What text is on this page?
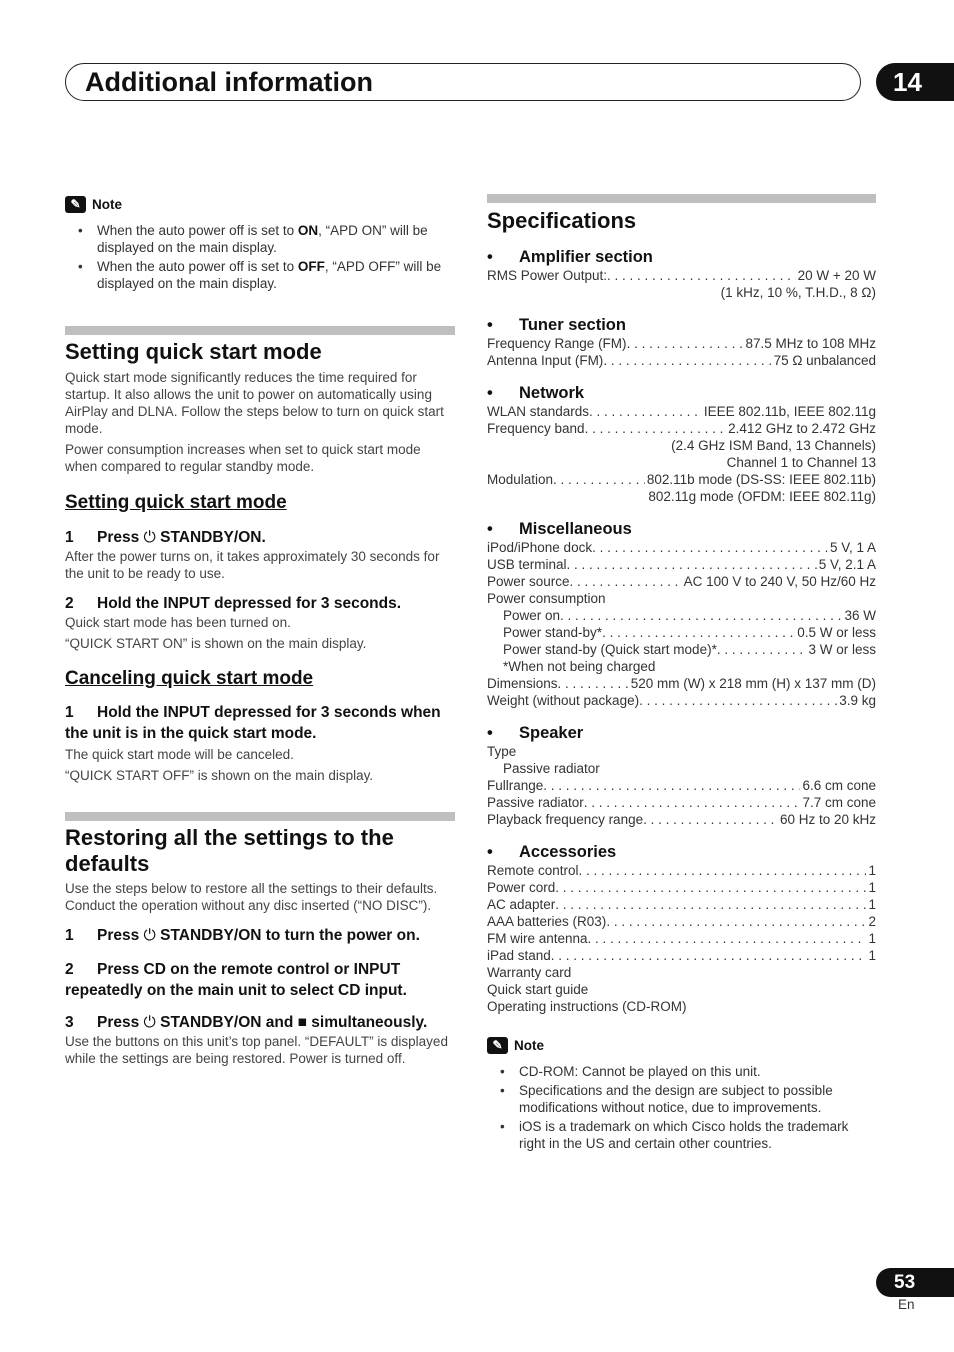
Additional information	14
✎ Note
• When the auto power off is set to ON, “APD ON” will be displayed on the main display.
• When the auto power off is set to OFF, “APD OFF” will be displayed on the main display.
Setting quick start mode

Quick start mode significantly reduces the time required for startup. It also allows the unit to power on automatically using AirPlay and DLNA. Follow the steps below to turn on quick start mode.

Power consumption increases when set to quick start mode when compared to regular standby mode.

Setting quick start mode
1 Press ⏻ STANDBY/ON.

After the power turns on, it takes approximately 30 seconds for the unit to be ready to use.

2 Hold the INPUT depressed for 3 seconds.

Quick start mode has been turned on.

“QUICK START ON” is shown on the main display.

Canceling quick start mode
1 Hold the INPUT depressed for 3 seconds when the unit is in the quick start mode.

The quick start mode will be canceled.

“QUICK START OFF” is shown on the main display.

Restoring all the settings to the defaults

Use the steps below to restore all the settings to their defaults. Conduct the operation without any disc inserted (“NO DISC”).

1 Press ⏻ STANDBY/ON to turn the power on.
2 Press CD on the remote control or INPUT repeatedly on the main unit to select CD input.
3 Press ⏻ STANDBY/ON and ■ simultaneously.

Use the buttons on this unit’s top panel. “DEFAULT” is displayed while the settings are being restored. Power is turned off.

Specifications
• Amplifier section
RMS Power Output: . . .	20 W + 20 W
(1 kHz, 10 %, T.H.D., 8 Ω)
• Tuner section
Frequency Range (FM) . . .	87.5 MHz to 108 MHz
Antenna Input (FM) . . .	75 Ω unbalanced
• Network
WLAN standards . . .	IEEE 802.11b, IEEE 802.11g
Frequency band . . .	2.412 GHz to 2.472 GHz
(2.4 GHz ISM Band, 13 Channels)
Channel 1 to Channel 13
Modulation . . .	802.11b mode (DS-SS: IEEE 802.11b)
802.11g mode (OFDM: IEEE 802.11g)
• Miscellaneous
iPod/iPhone dock . . .	5 V, 1 A
USB terminal . . .	5 V, 2.1 A
Power source . . .	AC 100 V to 240 V, 50 Hz/60 Hz
Power consumption
Power on . . .	36 W
Power stand-by* . . .	0.5 W or less
Power stand-by (Quick start mode)* . . .	3 W or less
*When not being charged
Dimensions . . .	520 mm (W) x 218 mm (H) x 137 mm (D)
Weight (without package) . . .	3.9 kg
• Speaker
Type
Passive radiator
Fullrange . . .	6.6 cm cone
Passive radiator . . .	7.7 cm cone
Playback frequency range . . .	60 Hz to 20 kHz
• Accessories
Remote control . . .	1
Power cord . . .	1
AC adapter . . .	1
AAA batteries (R03) . . .	2
FM wire antenna . . .	1
iPad stand . . .	1
Warranty card
Quick start guide
Operating instructions (CD-ROM)
✎ Note
• CD-ROM: Cannot be played on this unit.
• Specifications and the design are subject to possible modifications without notice, due to improvements.
• iOS is a trademark on which Cisco holds the trademark right in the US and certain other countries.
53
En
